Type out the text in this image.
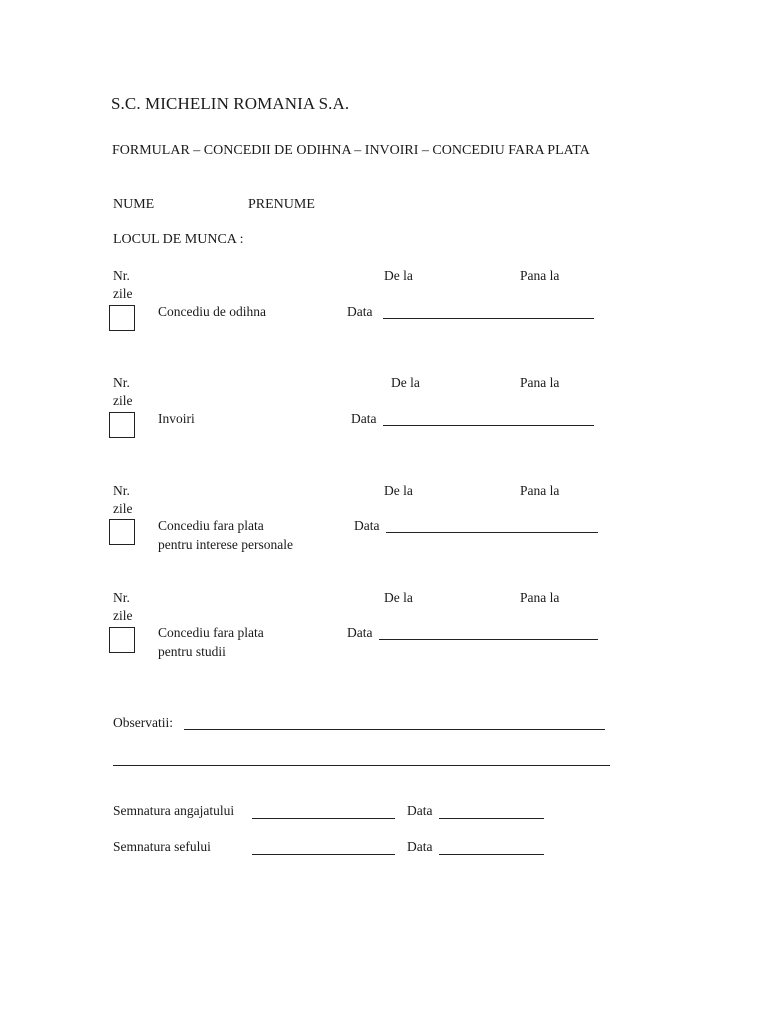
S.C. MICHELIN ROMANIA S.A.
FORMULAR – CONCEDII DE ODIHNA – INVOIRI – CONCEDIU FARA PLATA
NUME	PRENUME
LOCUL DE MUNCA :
Nr.
zile
De la	Pana la
Concediu de odihna	Data
Nr.
zile
De la	Pana la
Invoiri	Data
Nr.
zile
De la	Pana la
Concediu fara plata
pentru interese personale
Data
Nr.
zile
De la	Pana la
Concediu fara plata
pentru studii
Data
Observatii:
Semnatura angajatului	Data
Semnatura sefului	Data
